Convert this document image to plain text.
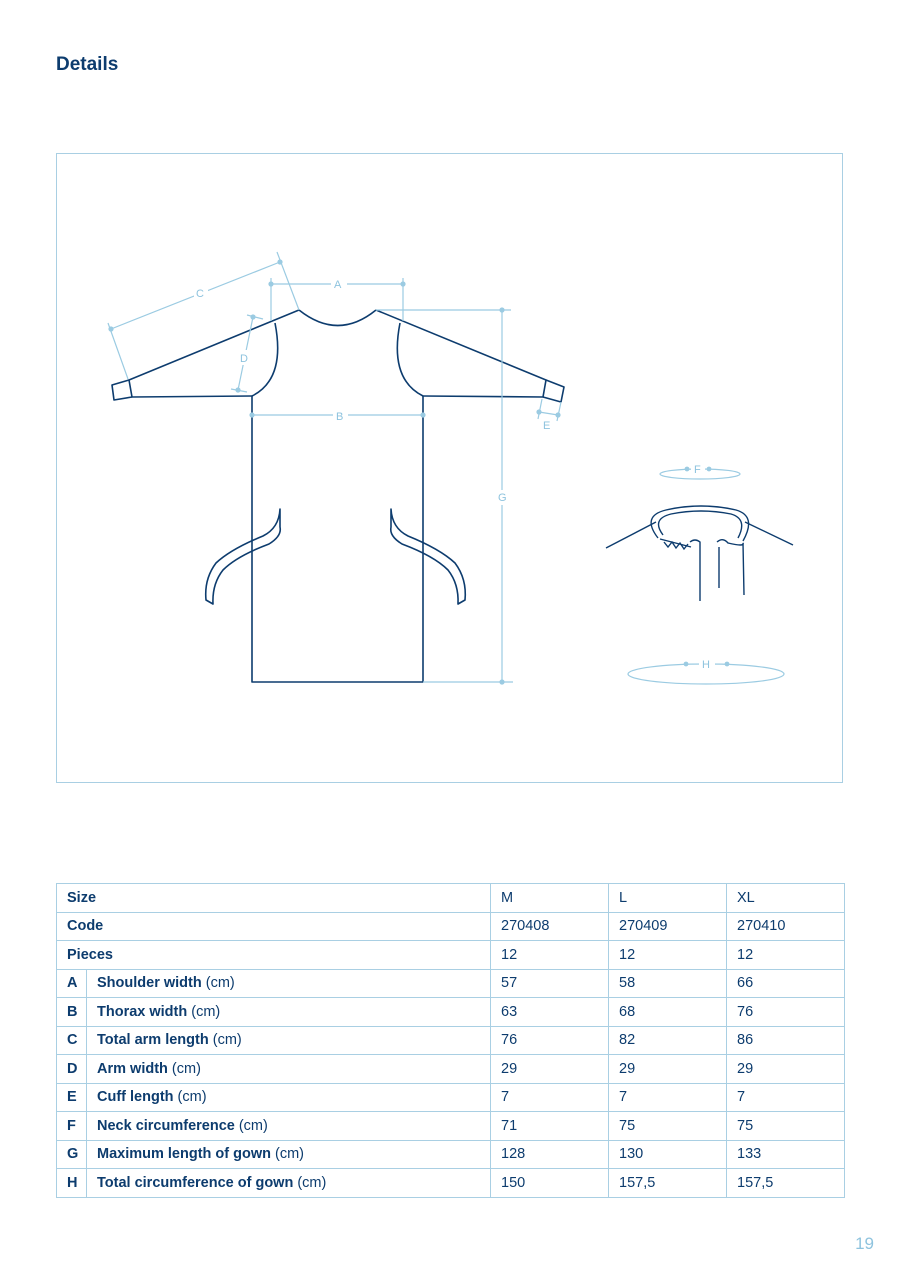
Details
A
C
D
B
E
G
F
H
Size		M	L	XL
Code		270408	270409	270410
Pieces		12	12	12
A	Shoulder width (cm)	57	58	66
B	Thorax width (cm)	63	68	76
C	Total arm length (cm)	76	82	86
D	Arm width (cm)	29	29	29
E	Cuff length (cm)	7	7	7
F	Neck circumference (cm)	71	75	75
G	Maximum length of gown (cm)	128	130	133
H	Total circumference of gown (cm)	150	157,5	157,5
19
